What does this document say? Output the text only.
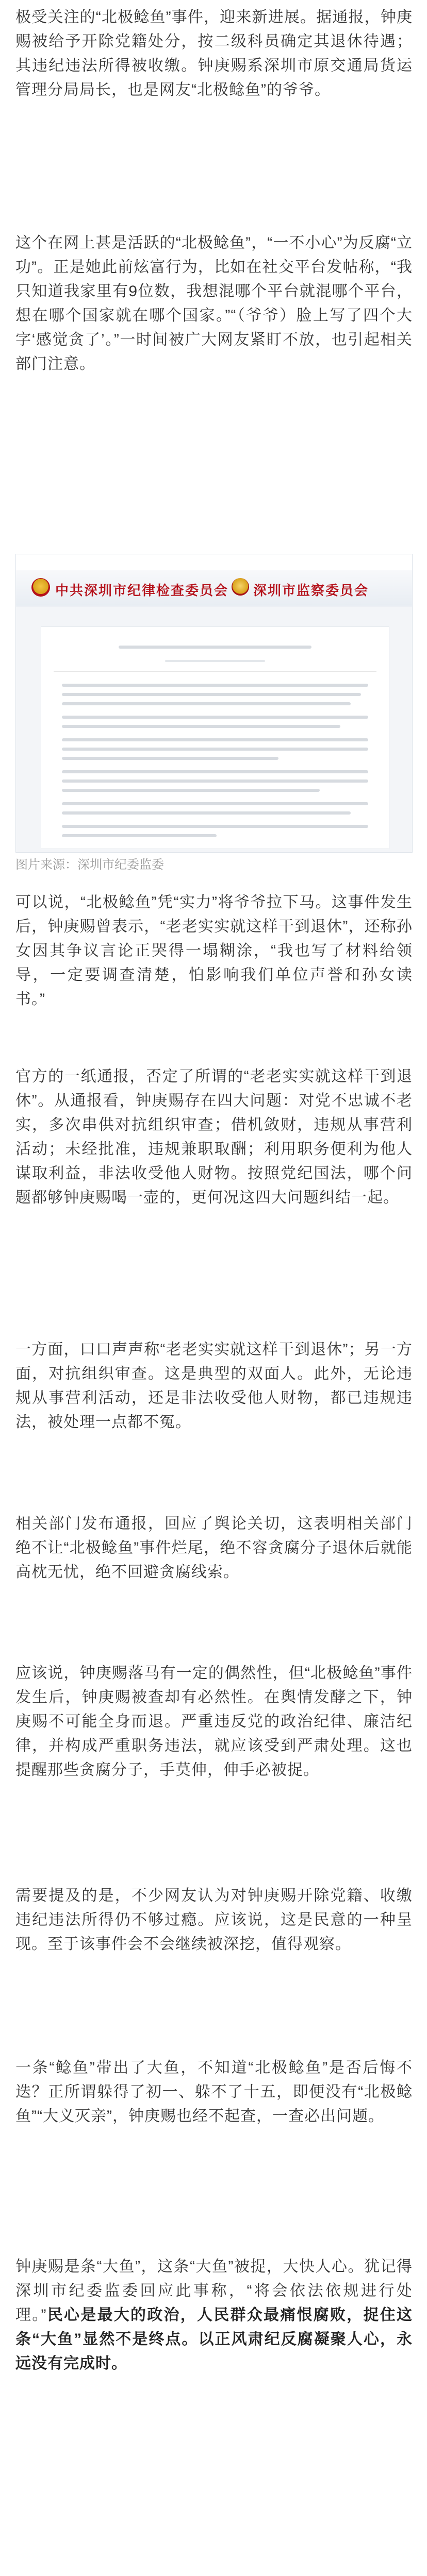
极受关注的“北极鲶鱼”事件，迎来新进展。据通报，钟庚赐被给予开除党籍处分，按二级科员确定其退休待遇；其违纪违法所得被收缴。钟庚赐系深圳市原交通局货运管理分局局长，也是网友“北极鲶鱼”的爷爷。

这个在网上甚是活跃的“北极鲶鱼”，“一不小心”为反腐“立功”。正是她此前炫富行为，比如在社交平台发帖称，“我只知道我家里有9位数，我想混哪个平台就混哪个平台，想在哪个国家就在哪个国家。”“（爷爷）脸上写了四个大字‘感觉贪了’。”一时间被广大网友紧盯不放，也引起相关部门注意。

中共深圳市纪律检查委员会 深圳市监察委员会
图片来源：深圳市纪委监委

可以说，“北极鲶鱼”凭“实力”将爷爷拉下马。这事件发生后，钟庚赐曾表示，“老老实实就这样干到退休”，还称孙女因其争议言论正哭得一塌糊涂，“我也写了材料给领导，一定要调查清楚，怕影响我们单位声誉和孙女读书。”

官方的一纸通报，否定了所谓的“老老实实就这样干到退休”。从通报看，钟庚赐存在四大问题：对党不忠诚不老实，多次串供对抗组织审查；借机敛财，违规从事营利活动；未经批准，违规兼职取酬；利用职务便利为他人谋取利益，非法收受他人财物。按照党纪国法，哪个问题都够钟庚赐喝一壶的，更何况这四大问题纠结一起。

一方面，口口声声称“老老实实就这样干到退休”；另一方面，对抗组织审查。这是典型的双面人。此外，无论违规从事营利活动，还是非法收受他人财物，都已违规违法，被处理一点都不冤。

相关部门发布通报，回应了舆论关切，这表明相关部门绝不让“北极鲶鱼”事件烂尾，绝不容贪腐分子退休后就能高枕无忧，绝不回避贪腐线索。

应该说，钟庚赐落马有一定的偶然性，但“北极鲶鱼”事件发生后，钟庚赐被查却有必然性。在舆情发酵之下，钟庚赐不可能全身而退。严重违反党的政治纪律、廉洁纪律，并构成严重职务违法，就应该受到严肃处理。这也提醒那些贪腐分子，手莫伸，伸手必被捉。

需要提及的是，不少网友认为对钟庚赐开除党籍、收缴违纪违法所得仍不够过瘾。应该说，这是民意的一种呈现。至于该事件会不会继续被深挖，值得观察。

一条“鲶鱼”带出了大鱼，不知道“北极鲶鱼”是否后悔不迭？正所谓躲得了初一、躲不了十五，即便没有“北极鲶鱼”“大义灭亲”，钟庚赐也经不起查，一查必出问题。

钟庚赐是条“大鱼”，这条“大鱼”被捉，大快人心。犹记得深圳市纪委监委回应此事称，“将会依法依规进行处理。”民心是最大的政治，人民群众最痛恨腐败，捉住这条“大鱼”显然不是终点。以正风肃纪反腐凝聚人心，永远没有完成时。
